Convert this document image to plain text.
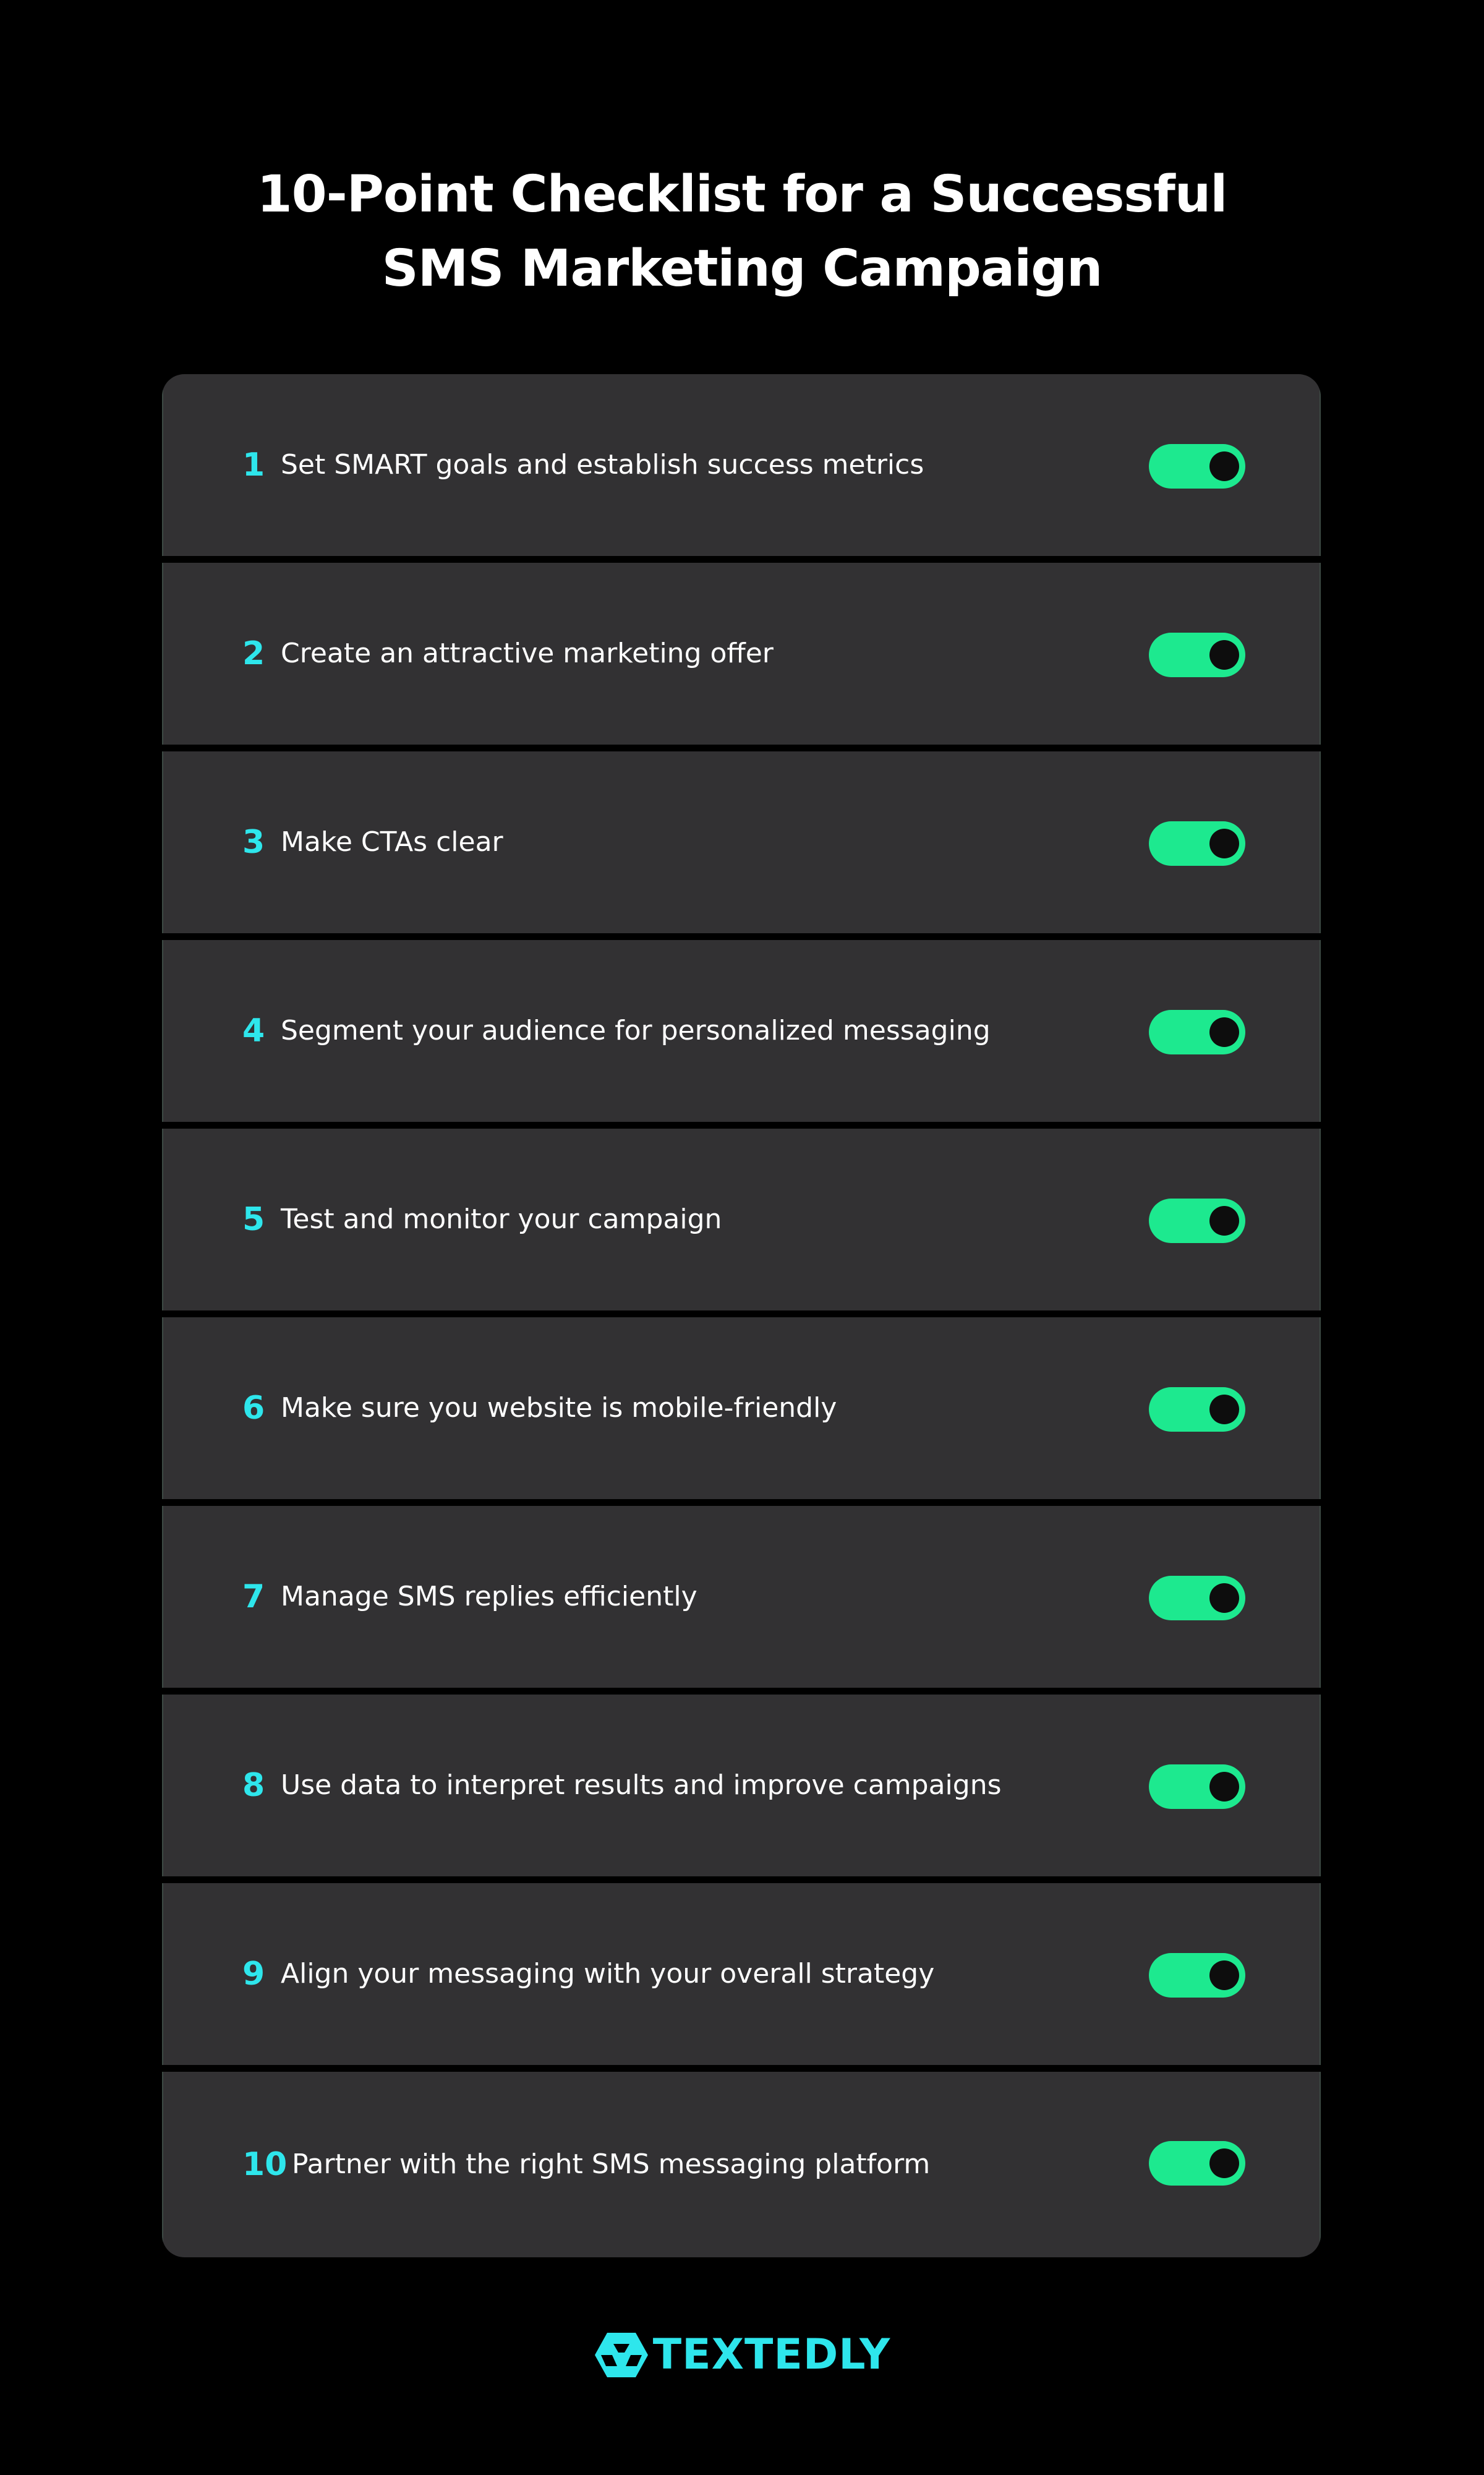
10-Point Checklist for a Successful
SMS Marketing Campaign
1 Set SMART goals and establish success metrics
2 Create an attractive marketing offer
3 Make CTAs clear
4 Segment your audience for personalized messaging
5 Test and monitor your campaign
6 Make sure you website is mobile-friendly
7 Manage SMS replies efficiently
8 Use data to interpret results and improve campaigns
9 Align your messaging with your overall strategy
10 Partner with the right SMS messaging platform
TEXTEDLY
